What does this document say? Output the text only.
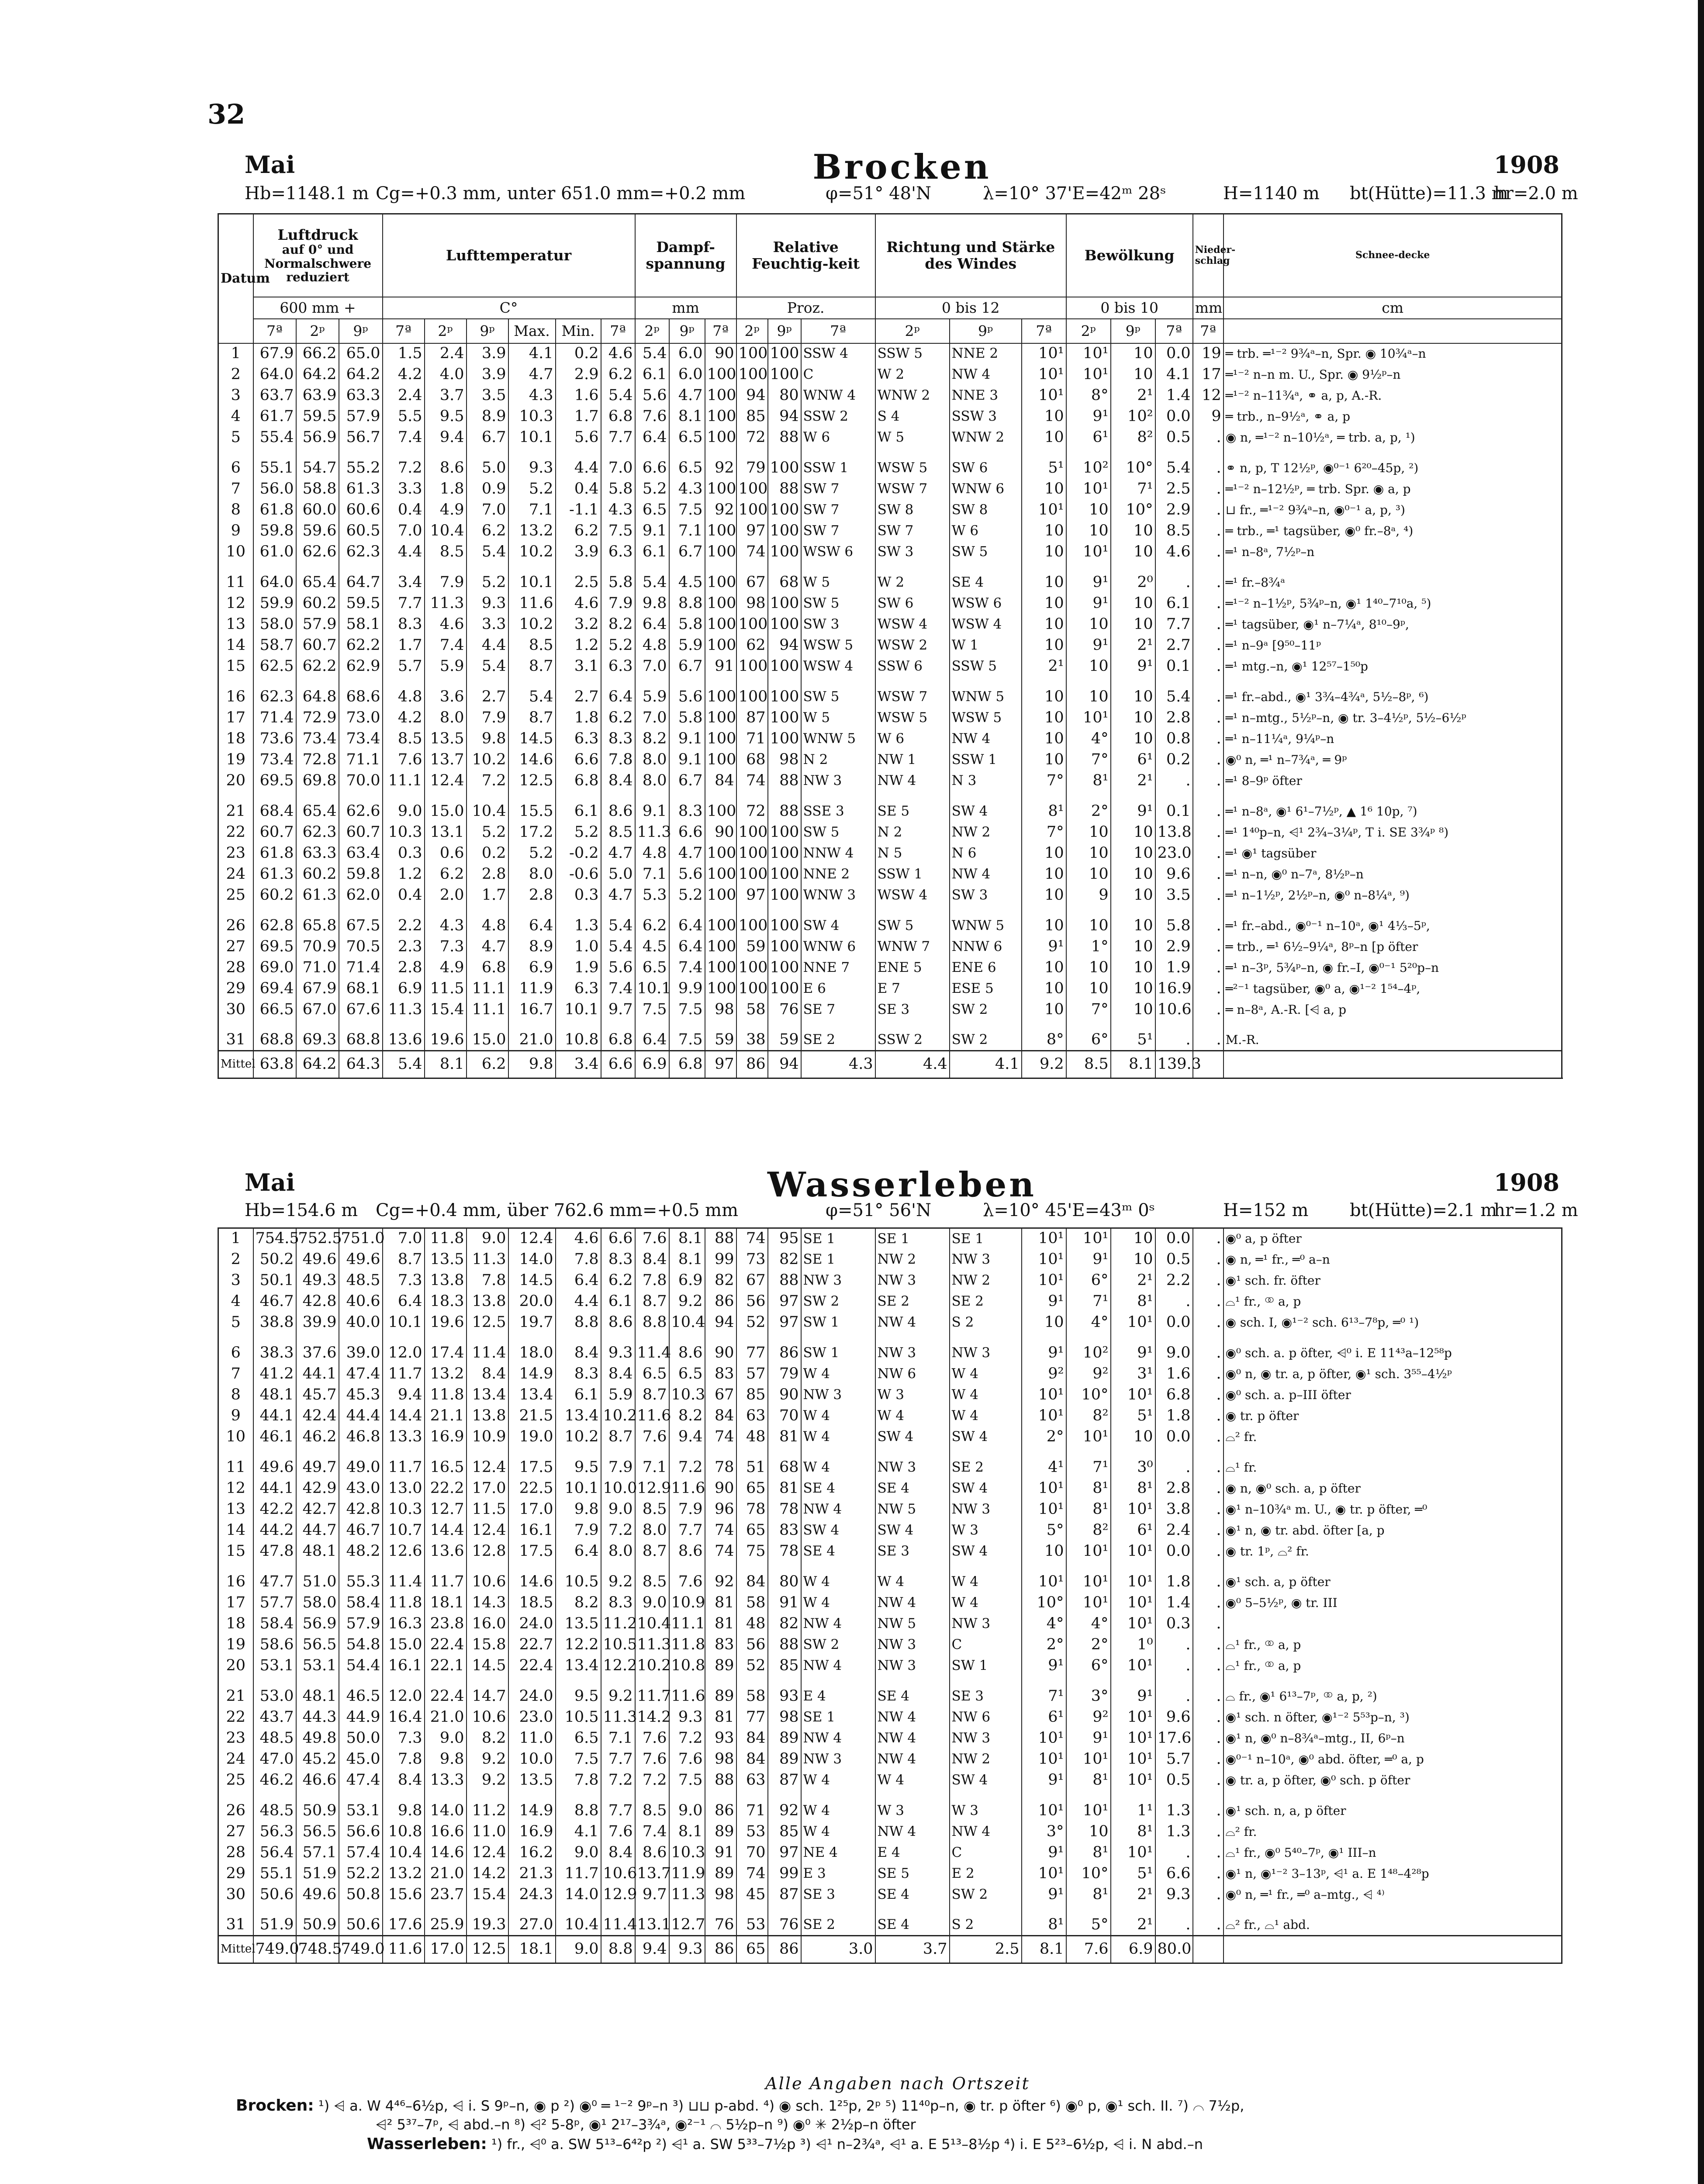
32
Mai	Brocken	1908
Hb=1148.1 m Cg=+0.3 mm, unter 651.0 mm=+0.2 mm	φ=51° 48'N	λ=10° 37'E=42ᵐ 28ˢ	H=1140 m bt(Hütte)=11.3 m
hr=2.0 m
Datum	Luftdruck
auf 0° und
Normalschwere
reduziert			Lufttemperatur						Dampf-spannung			Relative Feuchtig-keit			Richtung und Stärke des Windes			Bewölkung			Nieder-schlag	Schnee-decke	
	600 mm +			C°						mm			Proz.			0 bis 12			0 bis 10			mm	cm	
	7ª	2ᵖ	9ᵖ	7ª	2ᵖ	9ᵖ	Max.	Min.	7ª	2ᵖ	9ᵖ	7ª	2ᵖ	9ᵖ	7ª	2ᵖ	9ᵖ	7ª	2ᵖ	9ᵖ	7ª	7ª		
1	67.9	66.2	65.0	1.5	2.4	3.9	4.1	0.2	4.6	5.4	6.0	90	100	100	SSW 4	SSW 5	NNE 2	10¹	10¹	10	0.0	19	═ trb. ═¹⁻² 9¾ᵃ–n, Spr. ◉ 10¾ᵃ–n	
2	64.0	64.2	64.2	4.2	4.0	3.9	4.7	2.9	6.2	6.1	6.0	100	100	100	C	W 2	NW 4	10¹	10¹	10	4.1	17	═¹⁻² n–n m. U., Spr. ◉ 9½ᵖ–n	
3	63.7	63.9	63.3	2.4	3.7	3.5	4.3	1.6	5.4	5.6	4.7	100	94	80	WNW 4	WNW 2	NNE 3	10¹	8°	2¹	1.4	12	═¹⁻² n–11¾ᵃ, ⚭ a, p, A.-R.	
4	61.7	59.5	57.9	5.5	9.5	8.9	10.3	1.7	6.8	7.6	8.1	100	85	94	SSW 2	S 4	SSW 3	10	9¹	10²	0.0	9	═ trb., n–9½ᵃ, ⚭ a, p	
5	55.4	56.9	56.7	7.4	9.4	6.7	10.1	5.6	7.7	6.4	6.5	100	72	88	W 6	W 5	WNW 2	10	6¹	8²	0.5	.	◉ n, ═¹⁻² n–10½ᵃ, ═ trb. a, p, ¹)	

6	55.1	54.7	55.2	7.2	8.6	5.0	9.3	4.4	7.0	6.6	6.5	92	79	100	SSW 1	WSW 5	SW 6	5¹	10²	10°	5.4	.	⚭ n, p, T 12½ᵖ, ◉⁰⁻¹ 6²⁰–45p, ²)	
7	56.0	58.8	61.3	3.3	1.8	0.9	5.2	0.4	5.8	5.2	4.3	100	100	88	SW 7	WSW 7	WNW 6	10	10¹	7¹	2.5	.	═¹⁻² n–12½ᵖ, ═ trb. Spr. ◉ a, p	
8	61.8	60.0	60.6	0.4	4.9	7.0	7.1	-1.1	4.3	6.5	7.5	92	100	100	SW 7	SW 8	SW 8	10¹	10	10°	2.9	.	⊔ fr., ═¹⁻² 9¾ᵃ–n, ◉⁰⁻¹ a, p, ³)	
9	59.8	59.6	60.5	7.0	10.4	6.2	13.2	6.2	7.5	9.1	7.1	100	97	100	SW 7	SW 7	W 6	10	10	10	8.5	.	═ trb., ═¹ tagsüber, ◉⁰ fr.–8ᵃ, ⁴)	
10	61.0	62.6	62.3	4.4	8.5	5.4	10.2	3.9	6.3	6.1	6.7	100	74	100	WSW 6	SW 3	SW 5	10	10¹	10	4.6	.	═¹ n–8ᵃ, 7½ᵖ–n	

11	64.0	65.4	64.7	3.4	7.9	5.2	10.1	2.5	5.8	5.4	4.5	100	67	68	W 5	W 2	SE 4	10	9¹	2⁰	.	.	═¹ fr.–8¾ᵃ	
12	59.9	60.2	59.5	7.7	11.3	9.3	11.6	4.6	7.9	9.8	8.8	100	98	100	SW 5	SW 6	WSW 6	10	9¹	10	6.1	.	═¹⁻² n–1½ᵖ, 5¾ᵖ–n, ◉¹ 1⁴⁰–7¹⁰a, ⁵)	
13	58.0	57.9	58.1	8.3	4.6	3.3	10.2	3.2	8.2	6.4	5.8	100	100	100	SW 3	WSW 4	WSW 4	10	10	10	7.7	.	═¹ tagsüber, ◉¹ n–7¼ᵃ, 8¹⁰–9ᵖ,	
14	58.7	60.7	62.2	1.7	7.4	4.4	8.5	1.2	5.2	4.8	5.9	100	62	94	WSW 5	WSW 2	W 1	10	9¹	2¹	2.7	.	═¹ n–9ᵃ [9⁵⁰–11ᵖ	
15	62.5	62.2	62.9	5.7	5.9	5.4	8.7	3.1	6.3	7.0	6.7	91	100	100	WSW 4	SSW 6	SSW 5	2¹	10	9¹	0.1	.	═¹ mtg.–n, ◉¹ 12⁵⁷–1⁵⁰p	

16	62.3	64.8	68.6	4.8	3.6	2.7	5.4	2.7	6.4	5.9	5.6	100	100	100	SW 5	WSW 7	WNW 5	10	10	10	5.4	.	═¹ fr.–abd., ◉¹ 3¾–4¾ᵃ, 5½–8ᵖ, ⁶)	
17	71.4	72.9	73.0	4.2	8.0	7.9	8.7	1.8	6.2	7.0	5.8	100	87	100	W 5	WSW 5	WSW 5	10	10¹	10	2.8	.	═¹ n–mtg., 5½ᵖ–n, ◉ tr. 3–4½ᵖ, 5½–6½ᵖ	
18	73.6	73.4	73.4	8.5	13.5	9.8	14.5	6.3	8.3	8.2	9.1	100	71	100	WNW 5	W 6	NW 4	10	4°	10	0.8	.	═¹ n–11¼ᵃ, 9¼ᵖ–n	
19	73.4	72.8	71.1	7.6	13.7	10.2	14.6	6.6	7.8	8.0	9.1	100	68	98	N 2	NW 1	SSW 1	10	7°	6¹	0.2	.	◉⁰ n, ═¹ n–7¾ᵃ, ═ 9ᵖ	
20	69.5	69.8	70.0	11.1	12.4	7.2	12.5	6.8	8.4	8.0	6.7	84	74	88	NW 3	NW 4	N 3	7°	8¹	2¹	.	.	═¹ 8–9ᵖ öfter	

21	68.4	65.4	62.6	9.0	15.0	10.4	15.5	6.1	8.6	9.1	8.3	100	72	88	SSE 3	SE 5	SW 4	8¹	2°	9¹	0.1	.	═¹ n–8ᵃ, ◉¹ 6¹–7½ᵖ, ▲ 1⁶ 10p, ⁷)	
22	60.7	62.3	60.7	10.3	13.1	5.2	17.2	5.2	8.5	11.3	6.6	90	100	100	SW 5	N 2	NW 2	7°	10	10	13.8	.	═¹ 1⁴⁰p–n, ⩤¹ 2¾–3¼ᵖ, T i. SE 3¾ᵖ ⁸)	
23	61.8	63.3	63.4	0.3	0.6	0.2	5.2	-0.2	4.7	4.8	4.7	100	100	100	NNW 4	N 5	N 6	10	10	10	23.0	.	═¹ ◉¹ tagsüber	
24	61.3	60.2	59.8	1.2	6.2	2.8	8.0	-0.6	5.0	7.1	5.6	100	100	100	NNE 2	SSW 1	NW 4	10	10	10	9.6	.	═¹ n–n, ◉⁰ n–7ᵃ, 8½ᵖ–n	
25	60.2	61.3	62.0	0.4	2.0	1.7	2.8	0.3	4.7	5.3	5.2	100	97	100	WNW 3	WSW 4	SW 3	10	9	10	3.5	.	═¹ n–1½ᵖ, 2½ᵖ–n, ◉⁰ n–8¼ᵃ, ⁹)	

26	62.8	65.8	67.5	2.2	4.3	4.8	6.4	1.3	5.4	6.2	6.4	100	100	100	SW 4	SW 5	WNW 5	10	10	10	5.8	.	═¹ fr.–abd., ◉⁰⁻¹ n–10ᵃ, ◉¹ 4⅓–5ᵖ,	
27	69.5	70.9	70.5	2.3	7.3	4.7	8.9	1.0	5.4	4.5	6.4	100	59	100	WNW 6	WNW 7	NNW 6	9¹	1°	10	2.9	.	═ trb., ═¹ 6½–9¼ᵃ, 8ᵖ–n [p öfter	
28	69.0	71.0	71.4	2.8	4.9	6.8	6.9	1.9	5.6	6.5	7.4	100	100	100	NNE 7	ENE 5	ENE 6	10	10	10	1.9	.	═¹ n–3ᵖ, 5¾ᵖ–n, ◉ fr.–I, ◉⁰⁻¹ 5²⁰p–n	
29	69.4	67.9	68.1	6.9	11.5	11.1	11.9	6.3	7.4	10.1	9.9	100	100	100	E 6	E 7	ESE 5	10	10	10	16.9	.	═²⁻¹ tagsüber, ◉⁰ a, ◉¹⁻² 1⁵⁴–4ᵖ,	
30	66.5	67.0	67.6	11.3	15.4	11.1	16.7	10.1	9.7	7.5	7.5	98	58	76	SE 7	SE 3	SW 2	10	7°	10	10.6	.	═ n–8ᵃ, A.-R. [⩤ a, p	

31	68.8	69.3	68.8	13.6	19.6	15.0	21.0	10.8	6.8	6.4	7.5	59	38	59	SE 2	SSW 2	SW 2	8°	6°	5¹	.	.	M.-R.	
Mittel	63.8	64.2	64.3	5.4	8.1	6.2	9.8	3.4	6.6	6.9	6.8	97	86	94	4.3	4.4	4.1	9.2	8.5	8.1	139.3			
Mai	Wasserleben	1908
Hb=154.6 m Cg=+0.4 mm, über 762.6 mm=+0.5 mm	φ=51° 56'N	λ=10° 45'E=43ᵐ 0ˢ	H=152 m bt(Hütte)=2.1 m
hr=1.2 m
1	754.5	752.5	751.0	7.0	11.8	9.0	12.4	4.6	6.6	7.6	8.1	88	74	95	SE 1	SE 1	SE 1	10¹	10¹	10	0.0	.	◉⁰ a, p öfter
2	50.2	49.6	49.6	8.7	13.5	11.3	14.0	7.8	8.3	8.4	8.1	99	73	82	SE 1	NW 2	NW 3	10¹	9¹	10	0.5	.	◉ n, ═¹ fr., ═⁰ a–n
3	50.1	49.3	48.5	7.3	13.8	7.8	14.5	6.4	6.2	7.8	6.9	82	67	88	NW 3	NW 3	NW 2	10¹	6°	2¹	2.2	.	◉¹ sch. fr. öfter
4	46.7	42.8	40.6	6.4	18.3	13.8	20.0	4.4	6.1	8.7	9.2	86	56	97	SW 2	SE 2	SE 2	9¹	7¹	8¹	.	.	⌓¹ fr., ⚭ a, p
5	38.8	39.9	40.0	10.1	19.6	12.5	19.7	8.8	8.6	8.8	10.4	94	52	97	SW 1	NW 4	S 2	10	4°	10¹	0.0	.	◉ sch. I, ◉¹⁻² sch. 6¹³–7⁸p, ═⁰ ¹)

6	38.3	37.6	39.0	12.0	17.4	11.4	18.0	8.4	9.3	11.4	8.6	90	77	86	SW 1	NW 3	NW 3	9¹	10²	9¹	9.0	.	◉⁰ sch. a. p öfter, ⩤⁰ i. E 11⁴³a–12⁵⁸p
7	41.2	44.1	47.4	11.7	13.2	8.4	14.9	8.3	8.4	6.5	6.5	83	57	79	W 4	NW 6	W 4	9²	9²	3¹	1.6	.	◉⁰ n, ◉ tr. a, p öfter, ◉¹ sch. 3⁵⁵–4½ᵖ
8	48.1	45.7	45.3	9.4	11.8	13.4	13.4	6.1	5.9	8.7	10.3	67	85	90	NW 3	W 3	W 4	10¹	10°	10¹	6.8	.	◉⁰ sch. a. p–III öfter
9	44.1	42.4	44.4	14.4	21.1	13.8	21.5	13.4	10.2	11.6	8.2	84	63	70	W 4	W 4	W 4	10¹	8²	5¹	1.8	.	◉ tr. p öfter
10	46.1	46.2	46.8	13.3	16.9	10.9	19.0	10.2	8.7	7.6	9.4	74	48	81	W 4	SW 4	SW 4	2°	10¹	10	0.0	.	⌓² fr.

11	49.6	49.7	49.0	11.7	16.5	12.4	17.5	9.5	7.9	7.1	7.2	78	51	68	W 4	NW 3	SE 2	4¹	7¹	3⁰	.	.	⌓¹ fr.
12	44.1	42.9	43.0	13.0	22.2	17.0	22.5	10.1	10.0	12.9	11.6	90	65	81	SE 4	SE 4	SW 4	10¹	8¹	8¹	2.8	.	◉ n, ◉⁰ sch. a, p öfter
13	42.2	42.7	42.8	10.3	12.7	11.5	17.0	9.8	9.0	8.5	7.9	96	78	78	NW 4	NW 5	NW 3	10¹	8¹	10¹	3.8	.	◉¹ n–10¾ᵃ m. U., ◉ tr. p öfter, ═⁰
14	44.2	44.7	46.7	10.7	14.4	12.4	16.1	7.9	7.2	8.0	7.7	74	65	83	SW 4	SW 4	W 3	5°	8²	6¹	2.4	.	◉¹ n, ◉ tr. abd. öfter [a, p
15	47.8	48.1	48.2	12.6	13.6	12.8	17.5	6.4	8.0	8.7	8.6	74	75	78	SE 4	SE 3	SW 4	10	10¹	10¹	0.0	.	◉ tr. 1ᵖ, ⌓² fr.

16	47.7	51.0	55.3	11.4	11.7	10.6	14.6	10.5	9.2	8.5	7.6	92	84	80	W 4	W 4	W 4	10¹	10¹	10¹	1.8	.	◉¹ sch. a, p öfter
17	57.7	58.0	58.4	11.8	18.1	14.3	18.5	8.2	8.3	9.0	10.9	81	58	91	W 4	NW 4	W 4	10°	10¹	10¹	1.4	.	◉⁰ 5–5½ᵖ, ◉ tr. III
18	58.4	56.9	57.9	16.3	23.8	16.0	24.0	13.5	11.2	10.4	11.1	81	48	82	NW 4	NW 5	NW 3	4°	4°	10¹	0.3	.	
19	58.6	56.5	54.8	15.0	22.4	15.8	22.7	12.2	10.5	11.3	11.8	83	56	88	SW 2	NW 3	C	2°	2°	1⁰	.	.	⌓¹ fr., ⚭ a, p
20	53.1	53.1	54.4	16.1	22.1	14.5	22.4	13.4	12.2	10.2	10.8	89	52	85	NW 4	NW 3	SW 1	9¹	6°	10¹	.	.	⌓¹ fr., ⚭ a, p

21	53.0	48.1	46.5	12.0	22.4	14.7	24.0	9.5	9.2	11.7	11.6	89	58	93	E 4	SE 4	SE 3	7¹	3°	9¹	.	.	⌓ fr., ◉¹ 6¹³–7ᵖ, ⚭ a, p, ²)
22	43.7	44.3	44.9	16.4	21.0	10.6	23.0	10.5	11.3	14.2	9.3	81	77	98	SE 1	NW 4	NW 6	6¹	9²	10¹	9.6	.	◉¹ sch. n öfter, ◉¹⁻² 5⁵³p–n, ³)
23	48.5	49.8	50.0	7.3	9.0	8.2	11.0	6.5	7.1	7.6	7.2	93	84	89	NW 4	NW 4	NW 3	10¹	9¹	10¹	17.6	.	◉¹ n, ◉⁰ n–8¾ᵃ–mtg., II, 6ᵖ–n
24	47.0	45.2	45.0	7.8	9.8	9.2	10.0	7.5	7.7	7.6	7.6	98	84	89	NW 3	NW 4	NW 2	10¹	10¹	10¹	5.7	.	◉⁰⁻¹ n–10ᵃ, ◉⁰ abd. öfter, ═⁰ a, p
25	46.2	46.6	47.4	8.4	13.3	9.2	13.5	7.8	7.2	7.2	7.5	88	63	87	W 4	W 4	SW 4	9¹	8¹	10¹	0.5	.	◉ tr. a, p öfter, ◉⁰ sch. p öfter

26	48.5	50.9	53.1	9.8	14.0	11.2	14.9	8.8	7.7	8.5	9.0	86	71	92	W 4	W 3	W 3	10¹	10¹	1¹	1.3	.	◉¹ sch. n, a, p öfter
27	56.3	56.5	56.6	10.8	16.6	11.0	16.9	4.1	7.6	7.4	8.1	89	53	85	W 4	NW 4	NW 4	3°	10	8¹	1.3	.	⌓² fr.
28	56.4	57.1	57.4	10.4	14.6	12.4	16.2	9.0	8.4	8.6	10.3	91	70	97	NE 4	E 4	C	9¹	8¹	10¹	.	.	⌓¹ fr., ◉⁰ 5⁴⁰–7ᵖ, ◉¹ III–n
29	55.1	51.9	52.2	13.2	21.0	14.2	21.3	11.7	10.6	13.7	11.9	89	74	99	E 3	SE 5	E 2	10¹	10°	5¹	6.6	.	◉¹ n, ◉¹⁻² 3–13ᵖ, ⩤¹ a. E 1⁴⁸–4²⁸p
30	50.6	49.6	50.8	15.6	23.7	15.4	24.3	14.0	12.9	9.7	11.3	98	45	87	SE 3	SE 4	SW 2	9¹	8¹	2¹	9.3	.	◉⁰ n, ═¹ fr., ═⁰ a–mtg., ⩤ ⁴⁾

31	51.9	50.9	50.6	17.6	25.9	19.3	27.0	10.4	11.4	13.1	12.7	76	53	76	SE 2	SE 4	S 2	8¹	5°	2¹	.	.	⌓² fr., ⌓¹ abd.
Mittel	749.0	748.5	749.0	11.6	17.0	12.5	18.1	9.0	8.8	9.4	9.3	86	65	86	3.0	3.7	2.5	8.1	7.6	6.9	80.0		
Alle Angaben nach Ortszeit
Brocken: ¹) ⩤ a. W 4⁴⁶–6½p, ⩤ i. S 9ᵖ–n, ◉ p ²) ◉⁰ ═ ¹⁻² 9ᵖ–n ³) ⊔⊔ p-abd. ⁴) ◉ sch. 1²⁵p, 2ᵖ ⁵) 11⁴⁰p–n, ◉ tr. p öfter ⁶) ◉⁰ p, ◉¹ sch. II. ⁷) ⌒ 7½p,
⩤² 5³⁷–7ᵖ, ⩤ abd.–n ⁸) ⩤² 5-8ᵖ, ◉¹ 2¹⁷–3¾ᵃ, ◉²⁻¹ ⌒ 5½p–n ⁹) ◉⁰ ✳ 2½p–n öfter
Wasserleben: ¹) fr., ⩤⁰ a. SW 5¹³–6⁴²p ²) ⩤¹ a. SW 5³³–7½p ³) ⩤¹ n–2¾ᵃ, ⩤¹ a. E 5¹³–8½p ⁴) i. E 5²³–6½p, ⩤ i. N abd.–n
